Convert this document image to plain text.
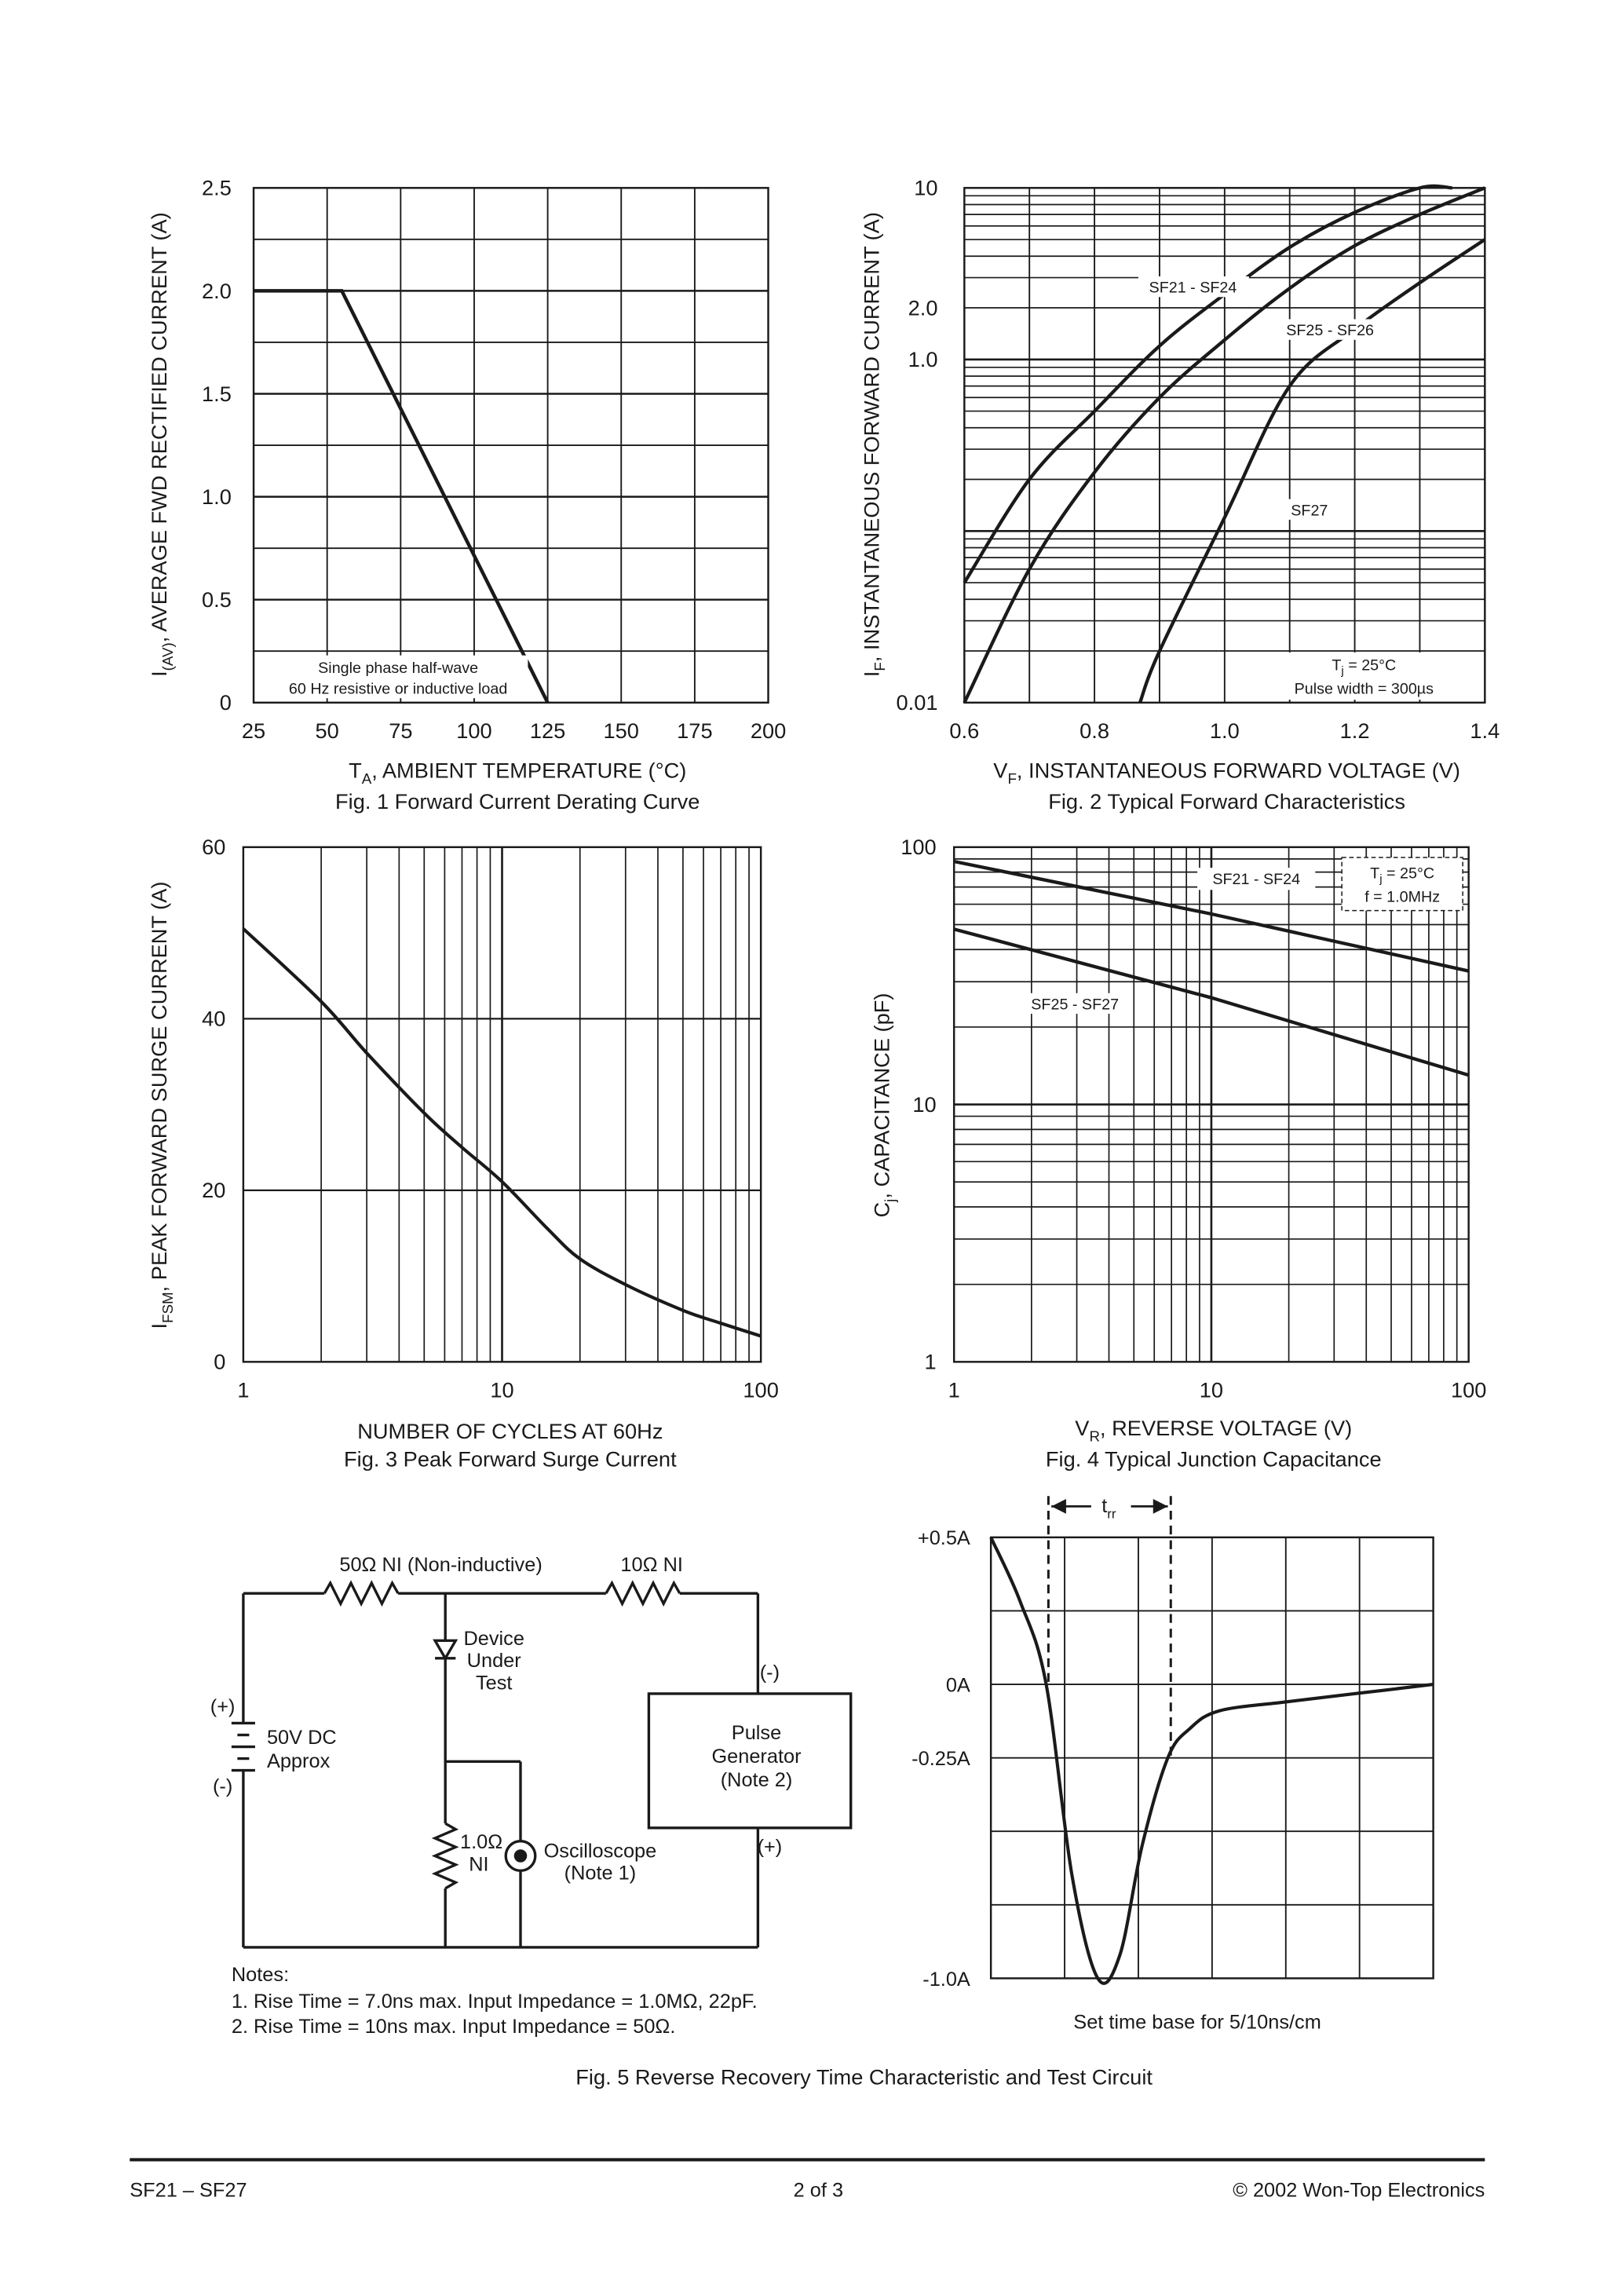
25	50	75	100	125	150	175	200
0
0.5
1.0
1.5
2.0
2.5
Single phase half-wave
60 Hz resistive or inductive load
$I_{(AV)}$, AVERAGE FWD RECTIFIED CURRENT (A)
$T_A$, AMBIENT TEMPERATURE (°C)
Fig. 1 Forward Current Derating Curve
0.6	0.8	1.0	1.2	1.4
0.01
1.0
2.0
10
SF21 - SF24
SF25 - SF26
SF27
$T_j = 25^\circ C$
Pulse width = 300µs
$I_F$, INSTANTANEOUS FORWARD CURRENT (A)
$V_F$, INSTANTANEOUS FORWARD VOLTAGE (V)
Fig. 2 Typical Forward Characteristics
1	10	100
0
20
40
60
$I_{FSM}$, PEAK FORWARD SURGE CURRENT (A)
NUMBER OF CYCLES AT 60Hz
Fig. 3 Peak Forward Surge Current
1	10	100
1
10
100
SF21 - SF24
SF25 - SF27
$T_j = 25^\circ C$
f = 1.0MHz
$C_j$, CAPACITANCE (pF)
$V_R$, REVERSE VOLTAGE (V)
Fig. 4 Typical Junction Capacitance
50Ω NI (Non-inductive)	10Ω NI
Device
Under
Test
(+)
(-)
50V DC
Approx
1.0Ω
NI
Oscilloscope
(Note 1)
Pulse
Generator
(Note 2)
(-)
(+)
Notes:
1. Rise Time = 7.0ns max. Input Impedance = 1.0MΩ, 22pF.
2. Rise Time = 10ns max. Input Impedance = 50Ω.
+0.5A
0A
-0.25A
-1.0A
$t_{rr}$
Set time base for 5/10ns/cm
Fig. 5 Reverse Recovery Time Characteristic and Test Circuit
SF21 – SF27	2 of 3	© 2002 Won-Top Electronics
